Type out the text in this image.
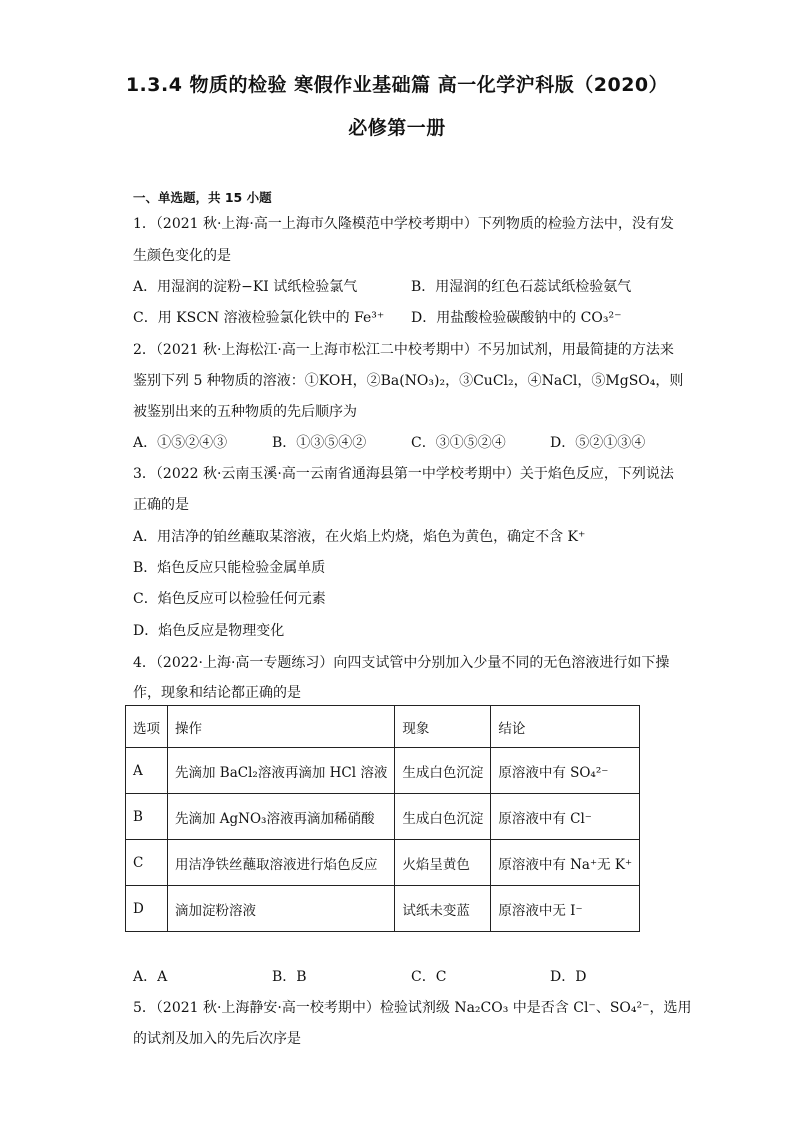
1.3.4 物质的检验 寒假作业基础篇 高一化学沪科版（2020）
必修第一册
一、单选题，共 15 小题
1．（2021 秋·上海·高一上海市久隆模范中学校考期中）下列物质的检验方法中，没有发
生颜色变化的是
A．用湿润的淀粉−KI 试纸检验氯气	B．用湿润的红色石蕊试纸检验氨气
C．用 KSCN 溶液检验氯化铁中的 Fe³⁺ D．用盐酸检验碳酸钠中的 CO₃²⁻
2．（2021 秋·上海松江·高一上海市松江二中校考期中）不另加试剂，用最简捷的方法来
鉴别下列 5 种物质的溶液：①KOH，②Ba(NO₃)₂，③CuCl₂，④NaCl，⑤MgSO₄，则
被鉴别出来的五种物质的先后顺序为
A．①⑤②④③	B．①③⑤④②	C．③①⑤②④	D．⑤②①③④
3．（2022 秋·云南玉溪·高一云南省通海县第一中学校考期中）关于焰色反应，下列说法
正确的是
A．用洁净的铂丝蘸取某溶液，在火焰上灼烧，焰色为黄色，确定不含 K⁺
B．焰色反应只能检验金属单质
C．焰色反应可以检验任何元素
D．焰色反应是物理变化
4．（2022·上海·高一专题练习）向四支试管中分别加入少量不同的无色溶液进行如下操
作，现象和结论都正确的是
选项	操作	现象	结论
A	先滴加 BaCl₂溶液再滴加 HCl 溶液	生成白色沉淀	原溶液中有 SO₄²⁻
B	先滴加 AgNO₃溶液再滴加稀硝酸	生成白色沉淀	原溶液中有 Cl⁻
C	用洁净铁丝蘸取溶液进行焰色反应	火焰呈黄色	原溶液中有 Na⁺无 K⁺
D	滴加淀粉溶液	试纸未变蓝	原溶液中无 I⁻
A．A	B．B	C．C	D．D
5．（2021 秋·上海静安·高一校考期中）检验试剂级 Na₂CO₃ 中是否含 Cl⁻、SO₄²⁻，选用
的试剂及加入的先后次序是
